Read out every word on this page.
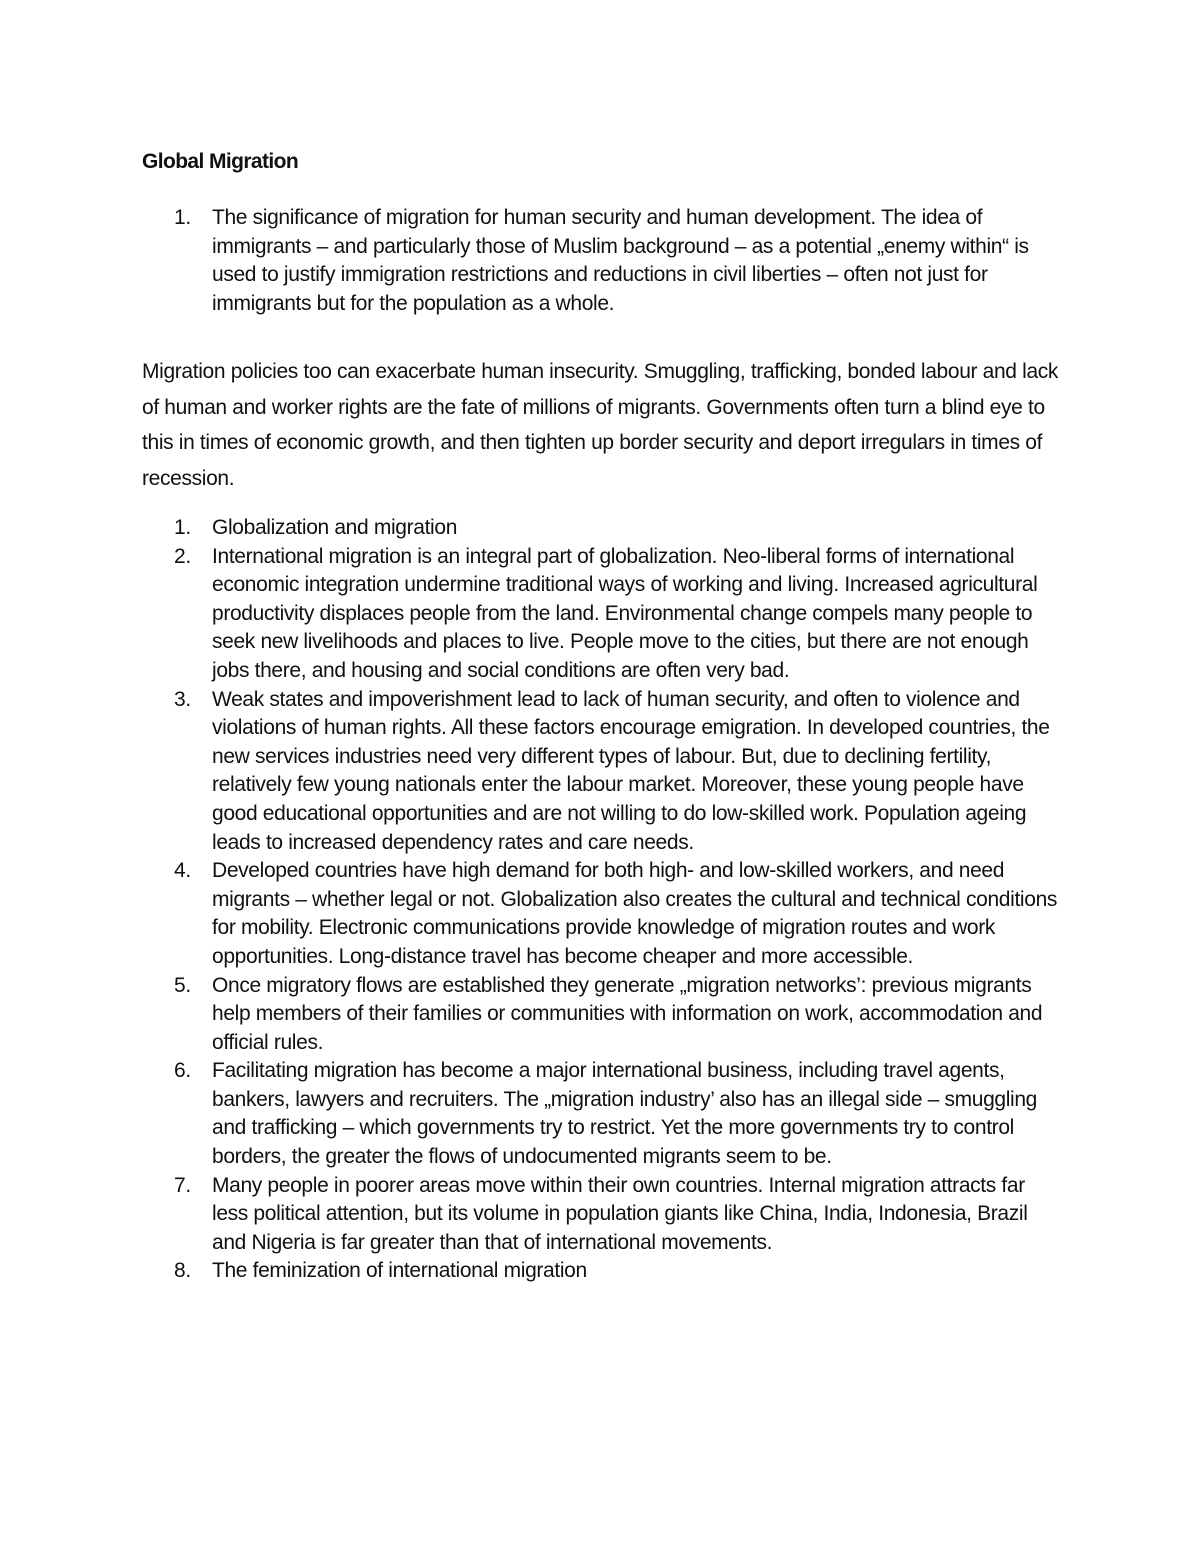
Global Migration
1. The significance of migration for human security and human development. The idea of immigrants – and particularly those of Muslim background – as a potential „enemy within“ is used to justify immigration restrictions and reductions in civil liberties – often not just for immigrants but for the population as a whole.

Migration policies too can exacerbate human insecurity. Smuggling, trafficking, bonded labour and lack of human and worker rights are the fate of millions of migrants. Governments often turn a blind eye to this in times of economic growth, and then tighten up border security and deport irregulars in times of recession.

1. Globalization and migration
2. International migration is an integral part of globalization. Neo-liberal forms of international economic integration undermine traditional ways of working and living. Increased agricultural productivity displaces people from the land. Environmental change compels many people to seek new livelihoods and places to live. People move to the cities, but there are not enough jobs there, and housing and social conditions are often very bad.
3. Weak states and impoverishment lead to lack of human security, and often to violence and violations of human rights. All these factors encourage emigration. In developed countries, the new services industries need very different types of labour. But, due to declining fertility, relatively few young nationals enter the labour market. Moreover, these young people have good educational opportunities and are not willing to do low-skilled work. Population ageing leads to increased dependency rates and care needs.
4. Developed countries have high demand for both high- and low-skilled workers, and need migrants – whether legal or not. Globalization also creates the cultural and technical conditions for mobility. Electronic communications provide knowledge of migration routes and work opportunities. Long-distance travel has become cheaper and more accessible.
5. Once migratory flows are established they generate „migration networks’: previous migrants help members of their families or communities with information on work, accommodation and official rules.
6. Facilitating migration has become a major international business, including travel agents, bankers, lawyers and recruiters. The „migration industry’ also has an illegal side – smuggling and trafficking – which governments try to restrict. Yet the more governments try to control borders, the greater the flows of undocumented migrants seem to be.
7. Many people in poorer areas move within their own countries. Internal migration attracts far less political attention, but its volume in population giants like China, India, Indonesia, Brazil and Nigeria is far greater than that of international movements.
8. The feminization of international migration
